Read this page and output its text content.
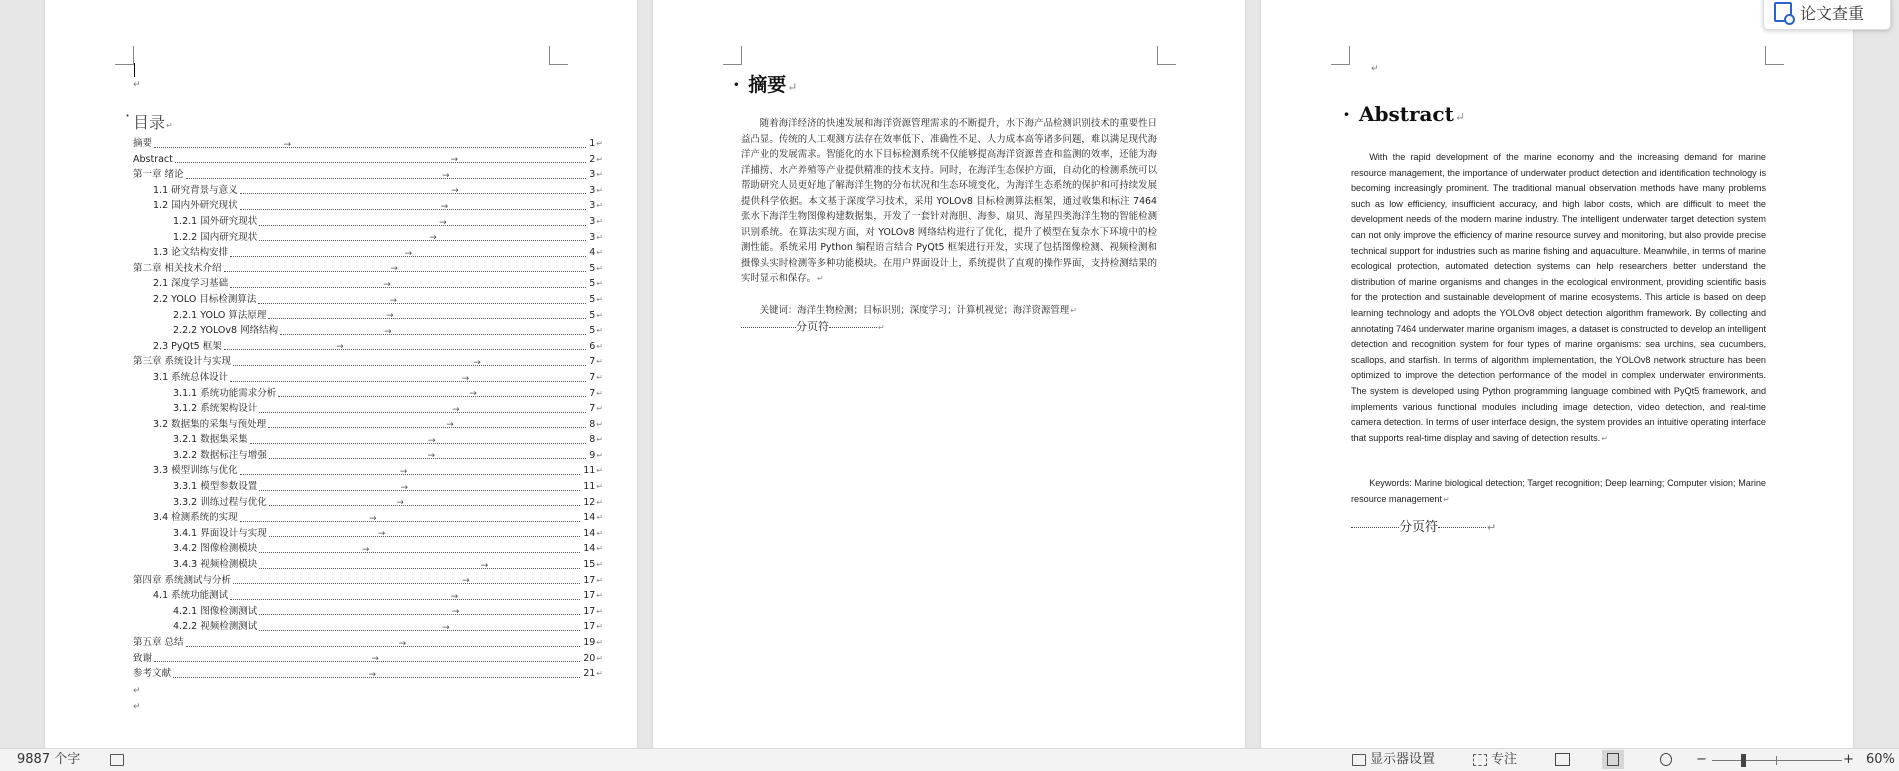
↵
· 目录↵
摘要	→	1 ↵
Abstract	→	2 ↵
第一章 绪论	→	3 ↵
1.1 研究背景与意义	→	3 ↵
1.2 国内外研究现状	→	3 ↵
1.2.1 国外研究现状	→	3 ↵
1.2.2 国内研究现状	→	3 ↵
1.3 论文结构安排	→	4 ↵
第二章 相关技术介绍	→	5 ↵
2.1 深度学习基础	→	5 ↵
2.2 YOLO 目标检测算法	→	5 ↵
2.2.1 YOLO 算法原理	→	5 ↵
2.2.2 YOLOv8 网络结构	→	5 ↵
2.3 PyQt5 框架	→	6 ↵
第三章 系统设计与实现	→	7 ↵
3.1 系统总体设计	→	7 ↵
3.1.1 系统功能需求分析	→	7 ↵
3.1.2 系统架构设计	→	7 ↵
3.2 数据集的采集与预处理	→	8 ↵
3.2.1 数据集采集	→	8 ↵
3.2.2 数据标注与增强	→	9 ↵
3.3 模型训练与优化	→	11 ↵
3.3.1 模型参数设置	→	11 ↵
3.3.2 训练过程与优化	→	12 ↵
3.4 检测系统的实现	→	14 ↵
3.4.1 界面设计与实现	→	14 ↵
3.4.2 图像检测模块	→	14 ↵
3.4.3 视频检测模块	→	15 ↵
第四章 系统测试与分析	→	17 ↵
4.1 系统功能测试	→	17 ↵
4.2.1 图像检测测试	→	17 ↵
4.2.2 视频检测测试	→	17 ↵
第五章 总结	→	19 ↵
致谢	→	20 ↵
参考文献	→	21 ↵
↵
↵
· 摘要↵
随着海洋经济的快速发展和海洋资源管理需求的不断提升，水下海产品检测识别技术的重要性日益凸显。传统的人工观测方法存在效率低下、准确性不足、人力成本高等诸多问题，难以满足现代海洋产业的发展需求。智能化的水下目标检测系统不仅能够提高海洋资源普查和监测的效率，还能为海洋捕捞、水产养殖等产业提供精准的技术支持。同时，在海洋生态保护方面，自动化的检测系统可以帮助研究人员更好地了解海洋生物的分布状况和生态环境变化，为海洋生态系统的保护和可持续发展提供科学依据。本文基于深度学习技术，采用 YOLOv8 目标检测算法框架，通过收集和标注 7464 张水下海洋生物图像构建数据集，开发了一套针对海胆、海参、扇贝、海星四类海洋生物的智能检测识别系统。在算法实现方面，对 YOLOv8 网络结构进行了优化，提升了模型在复杂水下环境中的检测性能。系统采用 Python 编程语言结合 PyQt5 框架进行开发，实现了包括图像检测、视频检测和摄像头实时检测等多种功能模块。在用户界面设计上，系统提供了直观的操作界面，支持检测结果的实时显示和保存。↵
关键词：海洋生物检测；目标识别；深度学习；计算机视觉；海洋资源管理↵
分页符	↵
↵
· Abstract↵
With the rapid development of the marine economy and the increasing demand for marine resource management, the importance of underwater product detection and identification technology is becoming increasingly prominent. The traditional manual observation methods have many problems such as low efficiency, insufficient accuracy, and high labor costs, which are difficult to meet the development needs of the modern marine industry. The intelligent underwater target detection system can not only improve the efficiency of marine resource survey and monitoring, but also provide precise technical support for industries such as marine fishing and aquaculture. Meanwhile, in terms of marine ecological protection, automated detection systems can help researchers better understand the distribution of marine organisms and changes in the ecological environment, providing scientific basis for the protection and sustainable development of marine ecosystems. This article is based on deep learning technology and adopts the YOLOv8 object detection algorithm framework. By collecting and annotating 7464 underwater marine organism images, a dataset is constructed to develop an intelligent detection and recognition system for four types of marine organisms: sea urchins, sea cucumbers, scallops, and starfish. In terms of algorithm implementation, the YOLOv8 network structure has been optimized to improve the detection performance of the model in complex underwater environments. The system is developed using Python programming language combined with PyQt5 framework, and implements various functional modules including image detection, video detection, and real-time camera detection. In terms of user interface design, the system provides an intuitive operating interface that supports real-time display and saving of detection results.↵
Keywords: Marine biological detection; Target recognition; Deep learning; Computer vision; Marine resource management↵
分页符	↵
论文查重
9887 个字	显示器设置	专注	−	+ 60%
